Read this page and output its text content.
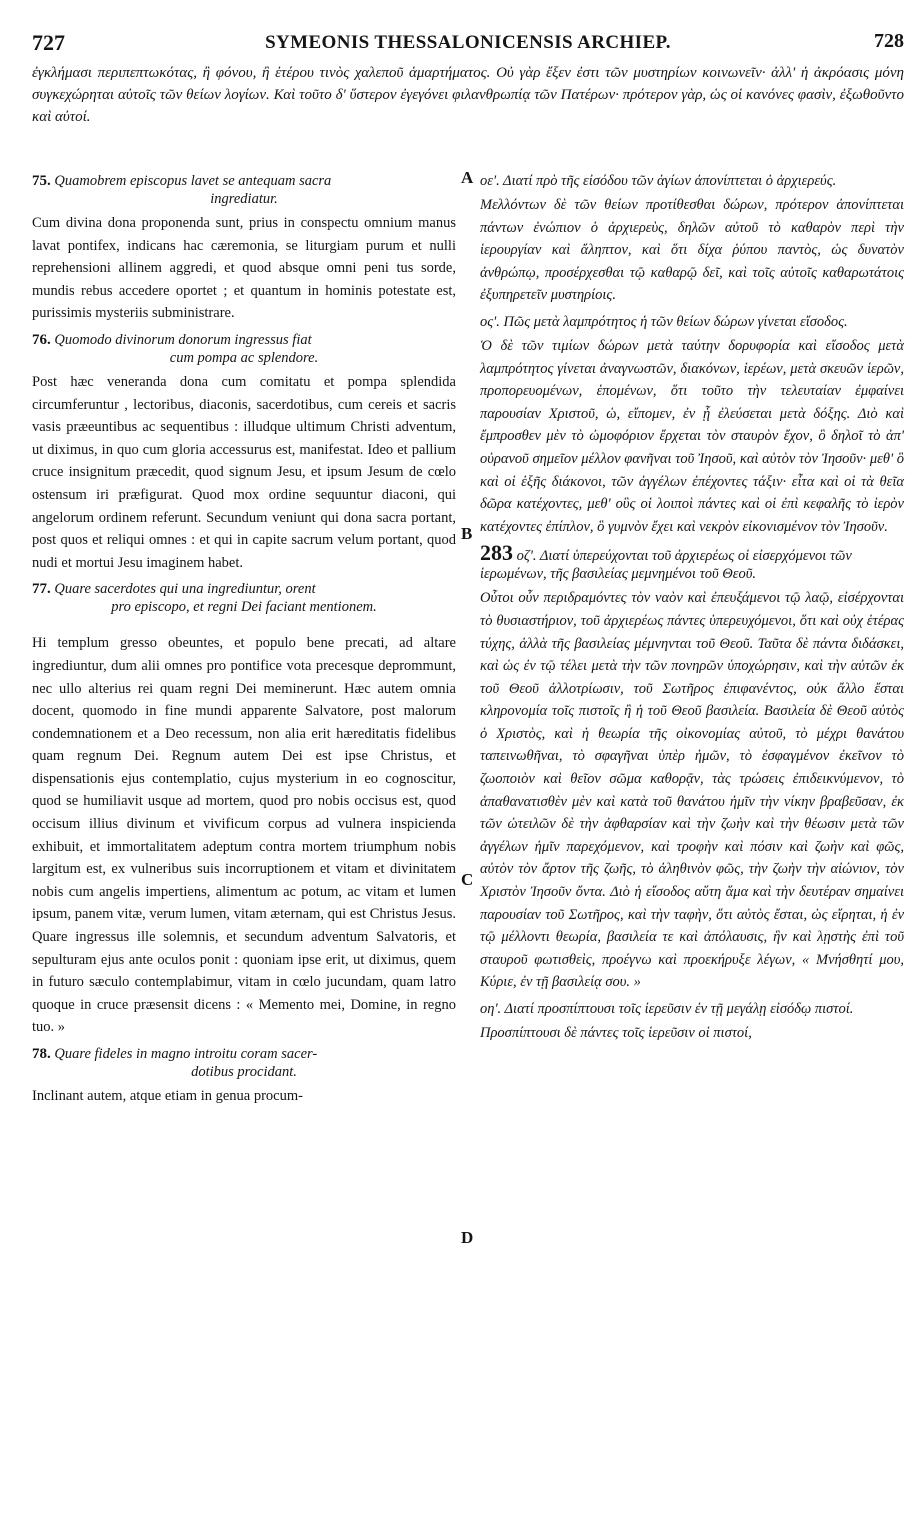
727	SYMEONIS THESSALONICENSIS ARCHIEP.	728
ἐγκλήμασι περιπεπτωκότας, ἢ φόνου, ἢ ἑτέρου τινὸς χαλεποῦ ἁμαρτήματος. Οὐ γὰρ ἔξεν ἐστι τῶν μυστηρίων κοινωνεῖν· ἀλλ' ἡ ἀκρόασις μόνη συγκεχώρηται αὐτοῖς τῶν θείων λογίων. Καὶ τοῦτο δ' ὕστερον ἐγεγόνει φιλανθρωπίᾳ τῶν Πατέρων· πρότερον γὰρ, ὡς οἱ κανόνες φασὶν, ἐξωθοῦντο καὶ αὐτοί.
A
B
C
D
75. Quamobrem episcopus lavet se antequam sacra
ingrediatur.

Cum divina dona proponenda sunt, prius in conspectu omnium manus lavat pontifex, indicans hac cæremonia, se liturgiam purum et nulli reprehensioni allinem aggredi, et quod absque omni peni tus sorde, mundis rebus accedere oportet ; et quantum in hominis potestate est, purissimis mysteriis subministrare.

76. Quomodo divinorum donorum ingressus fiat
cum pompa ac splendore.

Post hæc veneranda dona cum comitatu et pompa splendida circumferuntur , lectoribus, diaconis, sacerdotibus, cum cereis et sacris vasis præeuntibus ac sequentibus : illudque ultimum Christi adventum, ut diximus, in quo cum gloria accessurus est, manifestat. Ideo et pallium cruce insignitum præcedit, quod signum Jesu, et ipsum Jesum de cœlo ostensum iri præfigurat. Quod mox ordine sequuntur diaconi, qui angelorum ordinem referunt. Secundum veniunt qui dona sacra portant, post quos et reliqui omnes : et qui in capite sacrum velum portant, quod nudi et mortui Jesu imaginem habet.

77. Quare sacerdotes qui una ingrediuntur, orent
pro episcopo, et regni Dei faciant mentionem.

Hi templum gresso obeuntes, et populo bene precati, ad altare ingrediuntur, dum alii omnes pro pontifice vota precesque deprommunt, nec ullo alterius rei quam regni Dei meminerunt. Hæc autem omnia docent, quomodo in fine mundi apparente Salvatore, post malorum condemnationem et a Deo recessum, non alia erit hæreditatis fidelibus quam regnum Dei. Regnum autem Dei est ipse Christus, et dispensationis ejus contemplatio, cujus mysterium in eo cognoscitur, quod se humiliavit usque ad mortem, quod pro nobis occisus est, quod occisum illius divinum et vivificum corpus ad vulnera inspicienda exhibuit, et immortalitatem adeptum contra mortem triumphum nobis largitum est, ex vulneribus suis incorruptionem et vitam et divinitatem nobis cum angelis impertiens, alimentum ac potum, ac vitam et lumen ipsum, panem vitæ, verum lumen, vitam æternam, qui est Christus Jesus. Quare ingressus ille solemnis, et secundum adventum Salvatoris, et sepulturam ejus ante oculos ponit : quoniam ipse erit, ut diximus, quem in futuro sæculo contemplabimur, vitam in cœlo jucundam, quam latro quoque in cruce præsensit dicens : « Memento mei, Domine, in regno tuo. »

78. Quare fideles in magno introitu coram sacer-
dotibus procidant.

Inclinant autem, atque etiam in genua procum-

οε'. Διατί πρὸ τῆς εἰσόδου τῶν ἁγίων ἀπονίπτεται ὁ ἀρχιερεύς.

Μελλόντων δὲ τῶν θείων προτίθεσθαι δώρων, πρότερον ἀπονίπτεται πάντων ἐνώπιον ὁ ἀρχιερεὺς, δηλῶν αὐτοῦ τὸ καθαρὸν περὶ τὴν ἱερουργίαν καὶ ἄληπτον, καὶ ὅτι δίχα ῥύπου παντὸς, ὡς δυνατὸν ἀνθρώπῳ, προσέρχεσθαι τῷ καθαρῷ δεῖ, καὶ τοῖς αὐτοῖς καθαρωτάτοις ἐξυπηρετεῖν μυστηρίοις.

ος'. Πῶς μετὰ λαμπρότητος ἡ τῶν θείων δώρων γίνεται εἴσοδος.

Ὁ δὲ τῶν τιμίων δώρων μετὰ ταύτην δορυφορία καὶ εἴσοδος μετὰ λαμπρότητος γίνεται ἀναγνωστῶν, διακόνων, ἱερέων, μετὰ σκευῶν ἱερῶν, προπορευομένων, ἑπομένων, ὅτι τοῦτο τὴν τελευταίαν ἐμφαίνει παρουσίαν Χριστοῦ, ὡ, εἴπομεν, ἐν ᾗ ἐλεύσεται μετὰ δόξης. Διὸ καὶ ἔμπροσθεν μὲν τὸ ὠμοφόριον ἔρχεται τὸν σταυρὸν ἔχον, ὃ δηλοῖ τὸ ἀπ' οὐρανοῦ σημεῖον μέλλον φανῆναι τοῦ Ἰησοῦ, καὶ αὐτὸν τὸν Ἰησοῦν· μεθ' ὃ καὶ οἱ ἑξῆς διάκονοι, τῶν ἀγγέλων ἐπέχοντες τάξιν· εἶτα καὶ οἱ τὰ θεῖα δῶρα κατέχοντες, μεθ' οὓς οἱ λοιποὶ πάντες καὶ οἱ ἐπὶ κεφαλῆς τὸ ἱερὸν κατέχοντες ἐπίπλον, ὃ γυμνὸν ἔχει καὶ νεκρὸν εἰκονισμένον τὸν Ἰησοῦν.

283 οζ'. Διατί ὑπερεύχονται τοῦ ἀρχιερέως οἱ εἰσερχόμενοι τῶν ἱερωμένων, τῆς βασιλείας μεμνημένοι τοῦ Θεοῦ.

Οὗτοι οὖν περιδραμόντες τὸν ναὸν καὶ ἐπευξάμενοι τῷ λαῷ, εἰσέρχονται τὸ θυσιαστήριον, τοῦ ἀρχιερέως πάντες ὑπερευχόμενοι, ὅτι καὶ οὐχ ἑτέρας τύχης, ἀλλὰ τῆς βασιλείας μέμνηνται τοῦ Θεοῦ. Ταῦτα δὲ πάντα διδάσκει, καὶ ὡς ἐν τῷ τέλει μετὰ τὴν τῶν πονηρῶν ὑποχώρησιν, καὶ τὴν αὐτῶν ἐκ τοῦ Θεοῦ ἀλλοτρίωσιν, τοῦ Σωτῆρος ἐπιφανέντος, οὐκ ἄλλο ἔσται κληρονομία τοῖς πιστοῖς ἢ ἡ τοῦ Θεοῦ βασιλεία. Βασιλεία δὲ Θεοῦ αὐτὸς ὁ Χριστὸς, καὶ ἡ θεωρία τῆς οἰκονομίας αὐτοῦ, τὸ μέχρι θανάτου ταπεινωθῆναι, τὸ σφαγῆναι ὑπὲρ ἡμῶν, τὸ ἐσφαγμένον ἐκεῖνον τὸ ζωοποιὸν καὶ θεῖον σῶμα καθορᾷν, τὰς τρώσεις ἐπιδεικνύμενον, τὸ ἀπαθανατισθὲν μὲν καὶ κατὰ τοῦ θανάτου ἡμῖν τὴν νίκην βραβεῦσαν, ἐκ τῶν ὠτειλῶν δὲ τὴν ἀφθαρσίαν καὶ τὴν ζωὴν καὶ τὴν θέωσιν μετὰ τῶν ἀγγέλων ἡμῖν παρεχόμενον, καὶ τροφὴν καὶ πόσιν καὶ ζωὴν καὶ φῶς, αὐτὸν τὸν ἄρτον τῆς ζωῆς, τὸ ἀληθινὸν φῶς, τὴν ζωὴν τὴν αἰώνιον, τὸν Χριστὸν Ἰησοῦν ὄντα. Διὸ ἡ εἴσοδος αὕτη ἅμα καὶ τὴν δευτέραν σημαίνει παρουσίαν τοῦ Σωτῆρος, καὶ τὴν ταφὴν, ὅτι αὐτὸς ἔσται, ὡς εἴρηται, ἡ ἐν τῷ μέλλοντι θεωρία, βασιλεία τε καὶ ἀπόλαυσις, ἣν καὶ λῃστὴς ἐπὶ τοῦ σταυροῦ φωτισθεὶς, προέγνω καὶ προεκήρυξε λέγων, « Μνήσθητί μου, Κύριε, ἐν τῇ βασιλείᾳ σου. »

οη'. Διατί προσπίπτουσι τοῖς ἱερεῦσιν ἐν τῇ μεγάλῃ εἰσόδῳ πιστοί.

Προσπίπτουσι δὲ πάντες τοῖς ἱερεῦσιν οἱ πιστοί,
